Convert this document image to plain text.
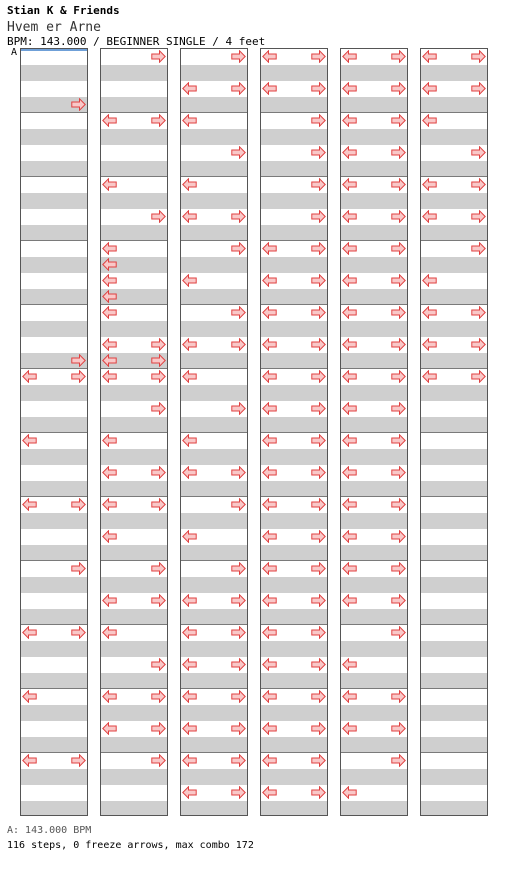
Stian K & Friends
Hvem er Arne
BPM: 143.000 / BEGINNER SINGLE / 4 feet
A
A: 143.000 BPM
116 steps, 0 freeze arrows, max combo 172
